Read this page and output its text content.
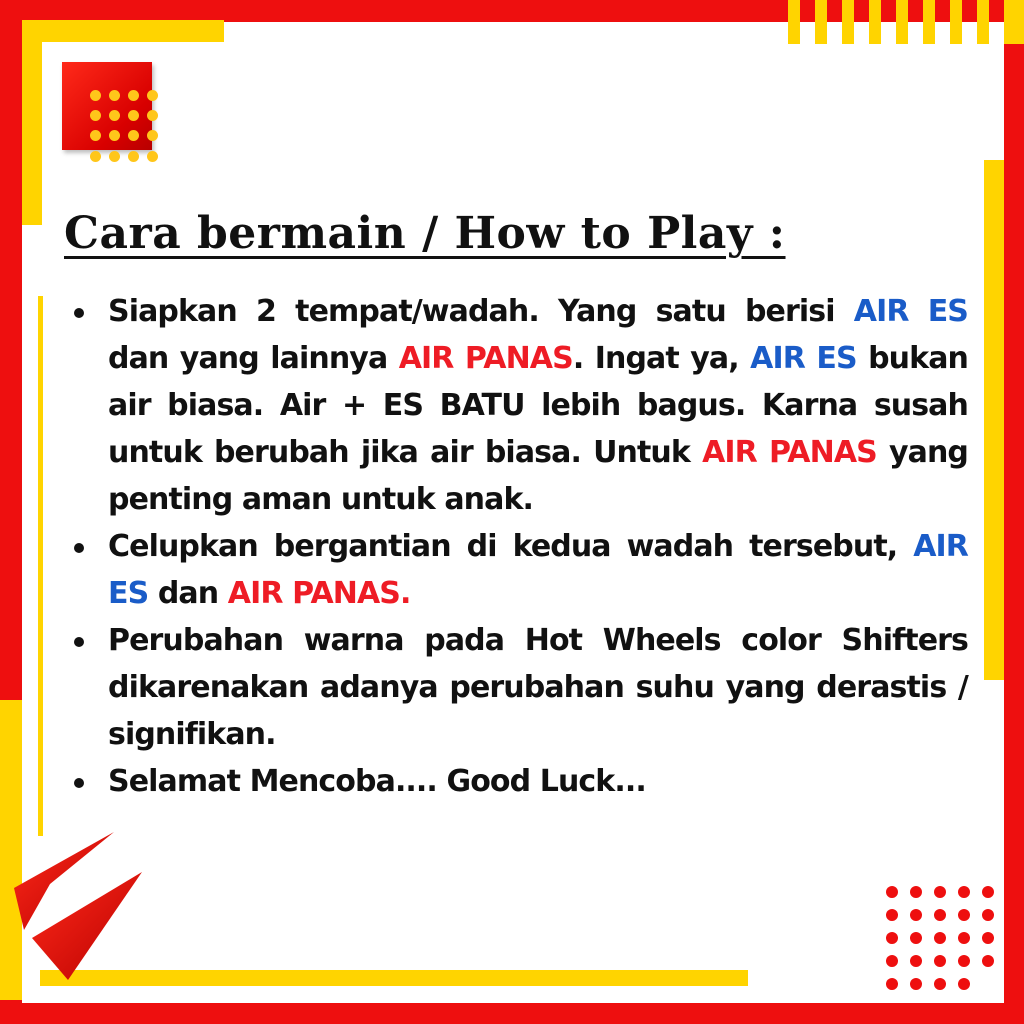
Cara bermain / How to Play :
Siapkan 2 tempat/wadah. Yang satu berisi AIR ES dan yang lainnya AIR PANAS. Ingat ya, AIR ES bukan air biasa. Air + ES BATU lebih bagus. Karna susah untuk berubah jika air biasa. Untuk AIR PANAS yang penting aman untuk anak.
Celupkan bergantian di kedua wadah tersebut, AIR ES dan AIR PANAS.
Perubahan warna pada Hot Wheels color Shifters dikarenakan adanya perubahan suhu yang derastis / signifikan.
Selamat Mencoba.... Good Luck...
